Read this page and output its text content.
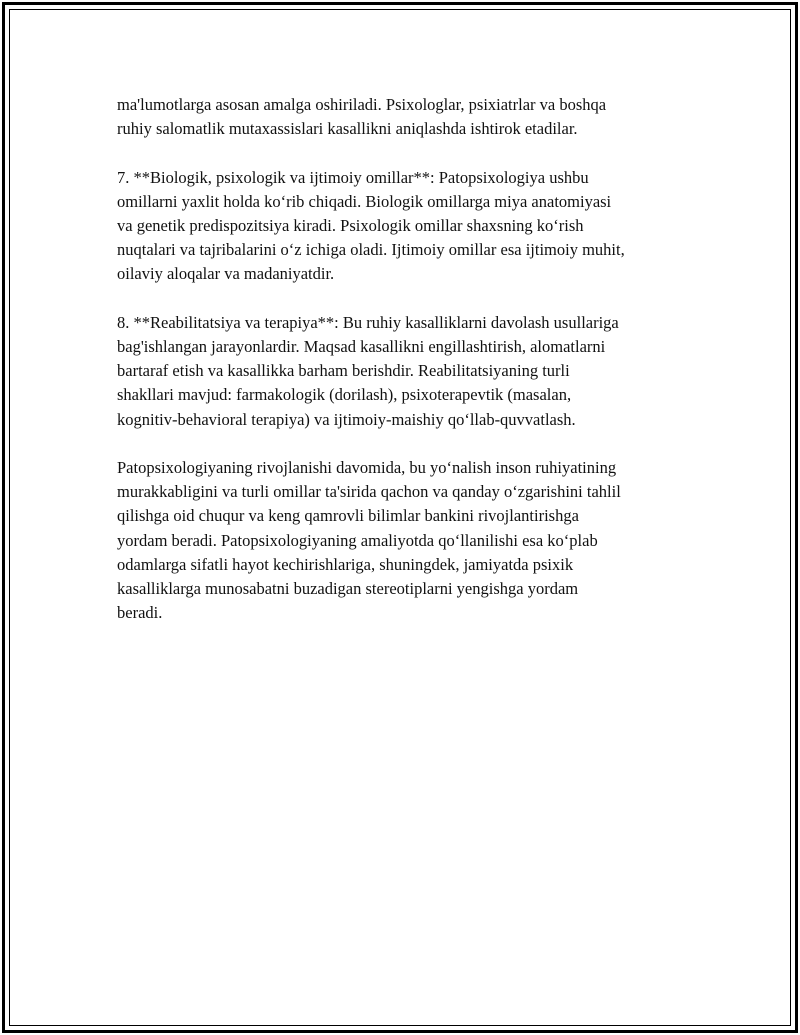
ma'lumotlarga asosan amalga oshiriladi. Psixologlar, psixiatrlar va boshqa
ruhiy salomatlik mutaxassislari kasallikni aniqlashda ishtirok etadilar.

7. **Biologik, psixologik va ijtimoiy omillar**: Patopsixologiya ushbu
omillarni yaxlit holda ko‘rib chiqadi. Biologik omillarga miya anatomiyasi
va genetik predispozitsiya kiradi. Psixologik omillar shaxsning ko‘rish
nuqtalari va tajribalarini o‘z ichiga oladi. Ijtimoiy omillar esa ijtimoiy muhit,
oilaviy aloqalar va madaniyatdir.

8. **Reabilitatsiya va terapiya**: Bu ruhiy kasalliklarni davolash usullariga
bag'ishlangan jarayonlardir. Maqsad kasallikni engillashtirish, alomatlarni
bartaraf etish va kasallikka barham berishdir. Reabilitatsiyaning turli
shakllari mavjud: farmakologik (dorilash), psixoterapevtik (masalan,
kognitiv-behavioral terapiya) va ijtimoiy-maishiy qo‘llab-quvvatlash.

Patopsixologiyaning rivojlanishi davomida, bu yo‘nalish inson ruhiyatining
murakkabligini va turli omillar ta'sirida qachon va qanday o‘zgarishini tahlil
qilishga oid chuqur va keng qamrovli bilimlar bankini rivojlantirishga
yordam beradi. Patopsixologiyaning amaliyotda qo‘llanilishi esa ko‘plab
odamlarga sifatli hayot kechirishlariga, shuningdek, jamiyatda psixik
kasalliklarga munosabatni buzadigan stereotiplarni yengishga yordam
beradi.
